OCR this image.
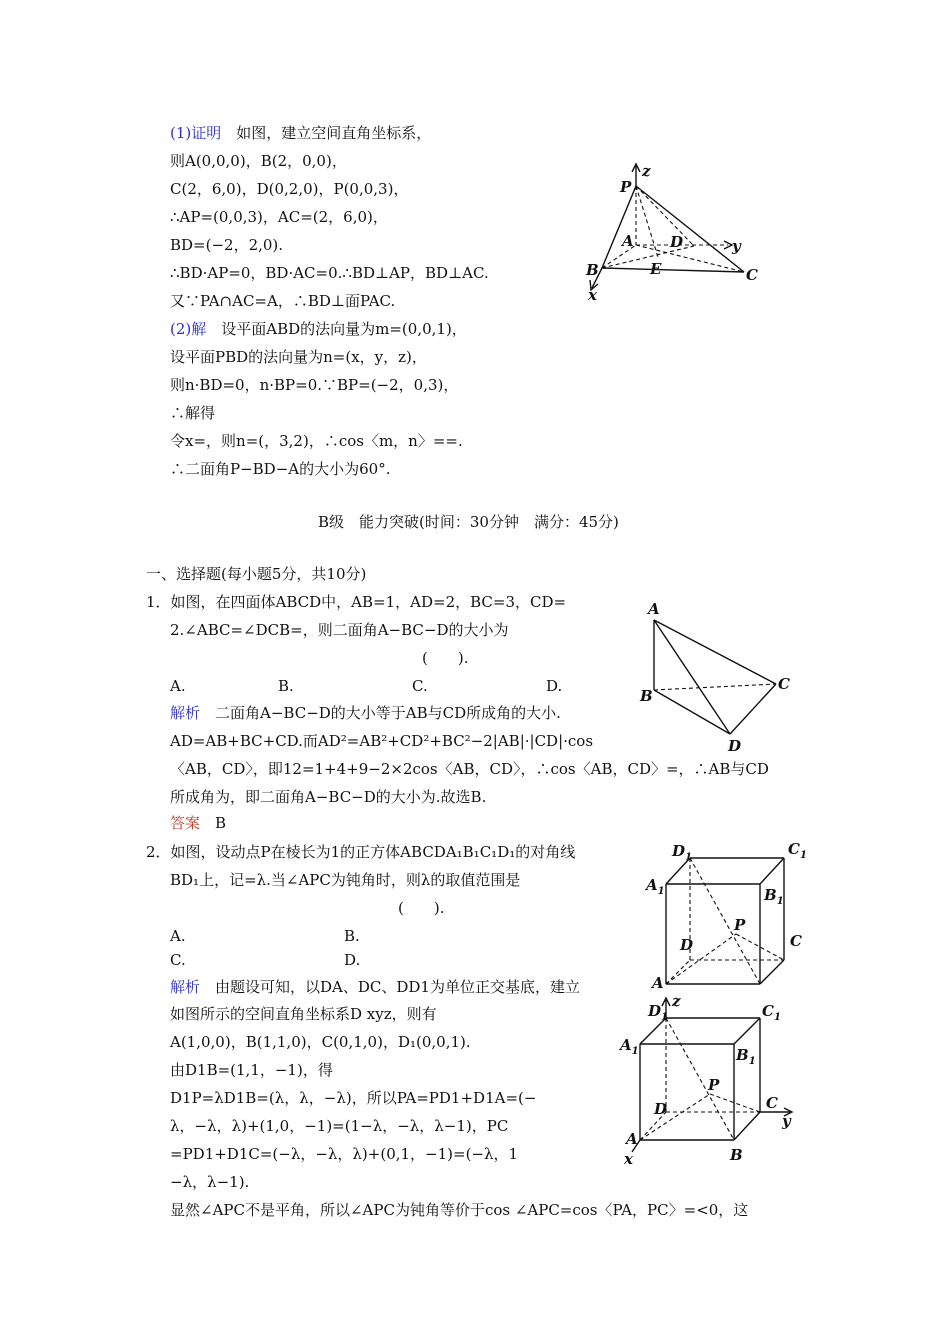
(1)证明　如图，建立空间直角坐标系，
则A(0,0,0)，B(2，0,0)，
C(2，6,0)，D(0,2,0)，P(0,0,3)，
∴AP=(0,0,3)，AC=(2，6,0)，
BD=(−2，2,0).
∴BD·AP=0，BD·AC=0.∴BD⊥AP，BD⊥AC.
又∵PA∩AC=A，∴BD⊥面PAC.
(2)解　设平面ABD的法向量为m=(0,0,1)，
设平面PBD的法向量为n=(x，y，z)，
则n·BD=0，n·BP=0.∵BP=(−2，0,3)，
∴解得
令x=，则n=(，3,2)，∴cos〈m，n〉==.
∴二面角P−BD−A的大小为60°.
P
z
A D	y
B	E	C
x
B级　能力突破(时间：30分钟　满分：45分)
一、选择题(每小题5分，共10分)
1．如图，在四面体ABCD中，AB=1，AD=2，BC=3，CD=
2.∠ABC=∠DCB=，则二面角A−BC−D的大小为
(　　).
A.	B.	C.	D.
解析　二面角A−BC−D的大小等于AB与CD所成角的大小.
AD=AB+BC+CD.而AD²=AB²+CD²+BC²−2|AB|·|CD|·cos
〈AB，CD〉，即12=1+4+9−2×2cos〈AB，CD〉，∴cos〈AB，CD〉=，∴AB与CD
所成角为，即二面角A−BC−D的大小为.故选B.
答案　 B
A
B
C
D
2．如图，设动点P在棱长为1的正方体ABCDA₁B₁C₁D₁的对角线
BD₁上，记=λ.当∠APC为钝角时，则λ的取值范围是
(　　).
A.	B.
C.	D.
解析　由题设可知，以DA、DC、DD1为单位正交基底，建立
如图所示的空间直角坐标系D xyz，则有
A(1,0,0)，B(1,1,0)，C(0,1,0)，D₁(0,0,1).
由D1B=(1,1，−1)，得
D1P=λD1B=(λ，λ，−λ)，所以PA=PD1+D1A=(−
λ，−λ，λ)+(1,0，−1)=(1−λ，−λ，λ−1)，PC
=PD1+D1C=(−λ，−λ，λ)+(0,1，−1)=(−λ，1
−λ，λ−1).
显然∠APC不是平角，所以∠APC为钝角等价于cos ∠APC=cos〈PA，PC〉=<0，这
$D_1$	$C_1$
$A_1$	$B_1$
P
D	C
A
z
$D_1$	$C_1$
$A_1$	$B_1$
P
D	C
y
A
x	B
